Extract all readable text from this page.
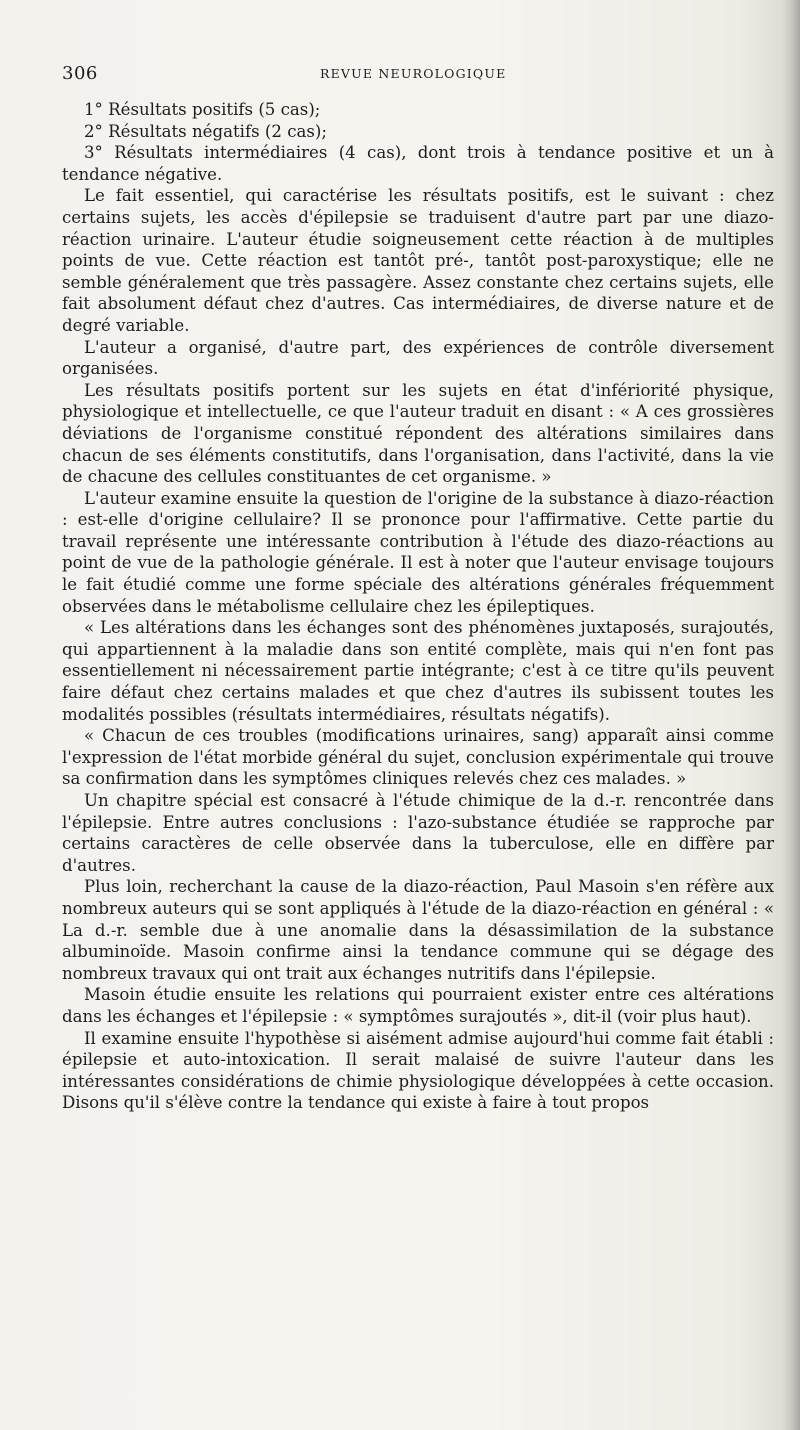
306	REVUE NEUROLOGIQUE

1° Résultats positifs (5 cas);

2° Résultats négatifs (2 cas);

3° Résultats intermédiaires (4 cas), dont trois à tendance positive et un à tendance négative.

Le fait essentiel, qui caractérise les résultats positifs, est le suivant : chez certains sujets, les accès d'épilepsie se traduisent d'autre part par une diazo-réaction urinaire. L'auteur étudie soigneusement cette réaction à de multiples points de vue. Cette réaction est tantôt pré-, tantôt post-paroxystique; elle ne semble généralement que très passagère. Assez constante chez certains sujets, elle fait absolument défaut chez d'autres. Cas intermédiaires, de diverse nature et de degré variable.

L'auteur a organisé, d'autre part, des expériences de contrôle diversement organisées.

Les résultats positifs portent sur les sujets en état d'infériorité physique, physiologique et intellectuelle, ce que l'auteur traduit en disant : « A ces grossières déviations de l'organisme constitué répondent des altérations similaires dans chacun de ses éléments constitutifs, dans l'organisation, dans l'activité, dans la vie de chacune des cellules constituantes de cet organisme. »

L'auteur examine ensuite la question de l'origine de la substance à diazo-réaction : est-elle d'origine cellulaire? Il se prononce pour l'affirmative. Cette partie du travail représente une intéressante contribution à l'étude des diazo-réactions au point de vue de la pathologie générale. Il est à noter que l'auteur envisage toujours le fait étudié comme une forme spéciale des altérations générales fréquemment observées dans le métabolisme cellulaire chez les épileptiques.

« Les altérations dans les échanges sont des phénomènes juxtaposés, surajoutés, qui appartiennent à la maladie dans son entité complète, mais qui n'en font pas essentiellement ni nécessairement partie intégrante; c'est à ce titre qu'ils peuvent faire défaut chez certains malades et que chez d'autres ils subissent toutes les modalités possibles (résultats intermédiaires, résultats négatifs).

« Chacun de ces troubles (modifications urinaires, sang) apparaît ainsi comme l'expression de l'état morbide général du sujet, conclusion expérimentale qui trouve sa confirmation dans les symptômes cliniques relevés chez ces malades. »

Un chapitre spécial est consacré à l'étude chimique de la d.-r. rencontrée dans l'épilepsie. Entre autres conclusions : l'azo-substance étudiée se rapproche par certains caractères de celle observée dans la tuberculose, elle en diffère par d'autres.

Plus loin, recherchant la cause de la diazo-réaction, Paul Masoin s'en réfère aux nombreux auteurs qui se sont appliqués à l'étude de la diazo-réaction en général : « La d.-r. semble due à une anomalie dans la désassimilation de la substance albuminoïde. Masoin confirme ainsi la tendance commune qui se dégage des nombreux travaux qui ont trait aux échanges nutritifs dans l'épilepsie.

Masoin étudie ensuite les relations qui pourraient exister entre ces altérations dans les échanges et l'épilepsie : « symptômes surajoutés », dit-il (voir plus haut).

Il examine ensuite l'hypothèse si aisément admise aujourd'hui comme fait établi : épilepsie et auto-intoxication. Il serait malaisé de suivre l'auteur dans les intéressantes considérations de chimie physiologique développées à cette occasion. Disons qu'il s'élève contre la tendance qui existe à faire à tout propos
